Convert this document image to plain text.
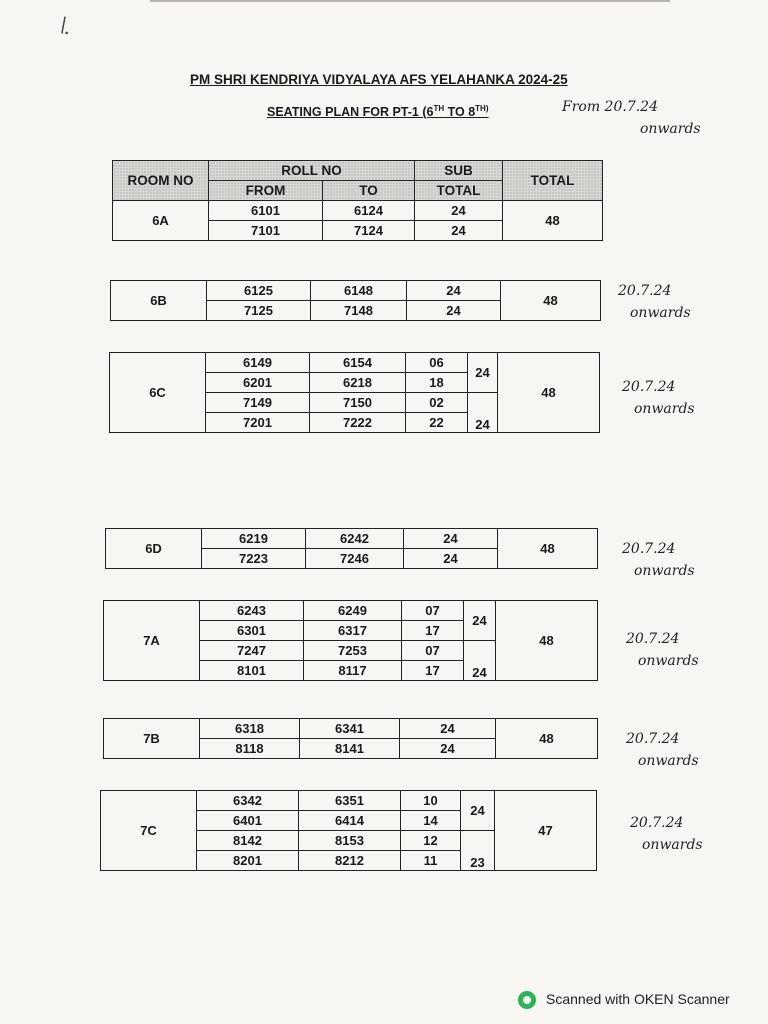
\.
PM SHRI KENDRIYA VIDYALAYA AFS YELAHANKA 2024-25
SEATING PLAN FOR PT-1 (6TH TO $8^{TH)}$	From 20.7.24
onwards
20.7.24
onwards
20.7.24
onwards
20.7.24
onwards
20.7.24
onwards
20.7.24
onwards
20.7.24
onwards
ROOM NO	ROLL NO		SUB	TOTAL
	FROM	TO	TOTAL	
6A	6101	6124	24	48
	7101	7124	24	
6B	6125	6148	24	48
	7125	7148	24	
6C	6149	6154	06	24	48
	6201	6218	18		
	7149	7150	02	24	
	7201	7222	22		
6D	6219	6242	24	48
	7223	7246	24	
7A	6243	6249	07	24	48
	6301	6317	17		
	7247	7253	07	24	
	8101	8117	17		
7B	6318	6341	24	48
	8118	8141	24	
7C	6342	6351	10	24	47
	6401	6414	14		
	8142	8153	12	23	
	8201	8212	11		
Scanned with OKEN Scanner
